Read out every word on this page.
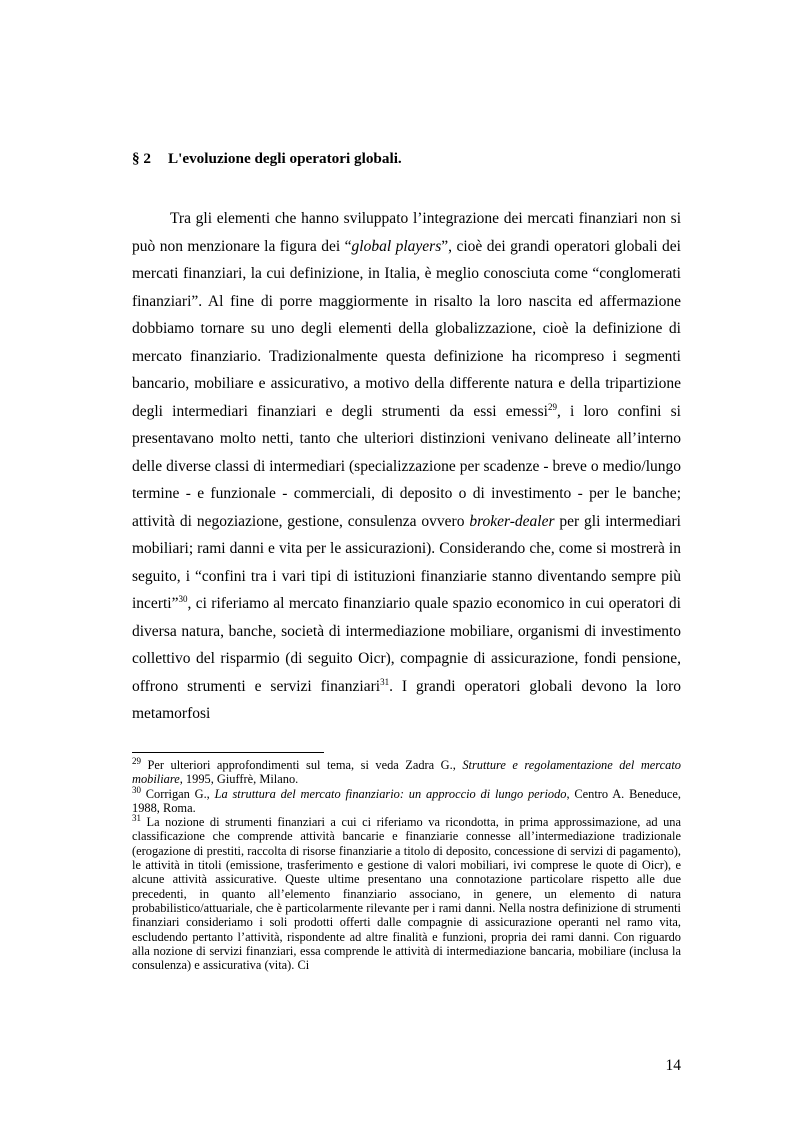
§ 2 L'evoluzione degli operatori globali.

Tra gli elementi che hanno sviluppato l’integrazione dei mercati finanziari non si può non menzionare la figura dei “global players”, cioè dei grandi operatori globali dei mercati finanziari, la cui definizione, in Italia, è meglio conosciuta come “conglomerati finanziari”. Al fine di porre maggiormente in risalto la loro nascita ed affermazione dobbiamo tornare su uno degli elementi della globalizzazione, cioè la definizione di mercato finanziario. Tradizionalmente questa definizione ha ricompreso i segmenti bancario, mobiliare e assicurativo, a motivo della differente natura e della tripartizione degli intermediari finanziari e degli strumenti da essi emessi$^{29}$, i loro confini si presentavano molto netti, tanto che ulteriori distinzioni venivano delineate all’interno delle diverse classi di intermediari (specializzazione per scadenze - breve o medio/lungo termine - e funzionale - commerciali, di deposito o di investimento - per le banche; attività di negoziazione, gestione, consulenza ovvero broker-dealer per gli intermediari mobiliari; rami danni e vita per le assicurazioni). Considerando che, come si mostrerà in seguito, i “confini tra i vari tipi di istituzioni finanziarie stanno diventando sempre più incerti”$^{30}$, ci riferiamo al mercato finanziario quale spazio economico in cui operatori di diversa natura, banche, società di intermediazione mobiliare, organismi di investimento collettivo del risparmio (di seguito Oicr), compagnie di assicurazione, fondi pensione, offrono strumenti e servizi finanziari$^{31}$. I grandi operatori globali devono la loro metamorfosi

$^{29}$ Per ulteriori approfondimenti sul tema, si veda Zadra G., Strutture e regolamentazione del mercato mobiliare, 1995, Giuffrè, Milano.

$^{30}$ Corrigan G., La struttura del mercato finanziario: un approccio di lungo periodo, Centro A. Beneduce, 1988, Roma.

$^{31}$ La nozione di strumenti finanziari a cui ci riferiamo va ricondotta, in prima approssimazione, ad una classificazione che comprende attività bancarie e finanziarie connesse all’intermediazione tradizionale (erogazione di prestiti, raccolta di risorse finanziarie a titolo di deposito, concessione di servizi di pagamento), le attività in titoli (emissione, trasferimento e gestione di valori mobiliari, ivi comprese le quote di Oicr), e alcune attività assicurative. Queste ultime presentano una connotazione particolare rispetto alle due precedenti, in quanto all’elemento finanziario associano, in genere, un elemento di natura probabilistico/attuariale, che è particolarmente rilevante per i rami danni. Nella nostra definizione di strumenti finanziari consideriamo i soli prodotti offerti dalle compagnie di assicurazione operanti nel ramo vita, escludendo pertanto l’attività, rispondente ad altre finalità e funzioni, propria dei rami danni. Con riguardo alla nozione di servizi finanziari, essa comprende le attività di intermediazione bancaria, mobiliare (inclusa la consulenza) e assicurativa (vita). Ci

14
